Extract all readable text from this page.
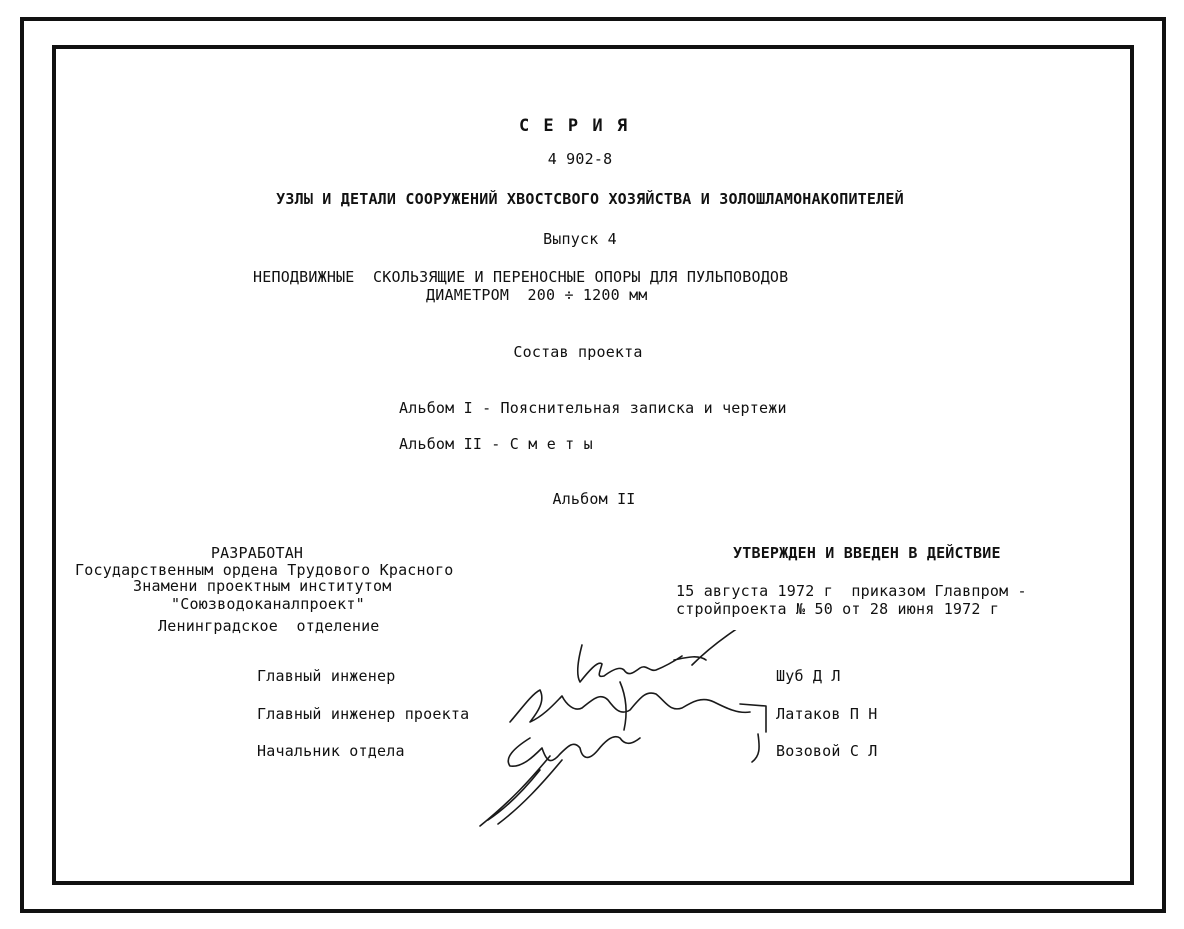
С Е Р И Я
4 902-8
УЗЛЫ И ДЕТАЛИ СООРУЖЕНИЙ ХВОСТСВОГО ХОЗЯЙСТВА И ЗОЛОШЛАМОНАКОПИТЕЛЕЙ
Выпуск 4
НЕПОДВИЖНЫЕ  СКОЛЬЗЯЩИЕ И ПЕРЕНОСНЫЕ ОПОРЫ ДЛЯ ПУЛЬПОВОДОВ
ДИАМЕТРОМ  200 ÷ 1200 мм
Состав проекта
Альбом I - Пояснительная записка и чертежи
Альбом II - С м е т ы
Альбом II
РАЗРАБОТАН
Государственным ордена Трудового Красного
Знамени проектным институтом
"Союзводоканалпроект"
Ленинградское  отделение
УТВЕРЖДЕН И ВВЕДЕН В ДЕЙСТВИЕ
15 августа 1972 г  приказом Главпром -
стройпроекта № 50 от 28 июня 1972 г
Главный инженер	Шуб Д Л
Главный инженер проекта	Латаков П Н
Начальник отдела	Возовой С Л
